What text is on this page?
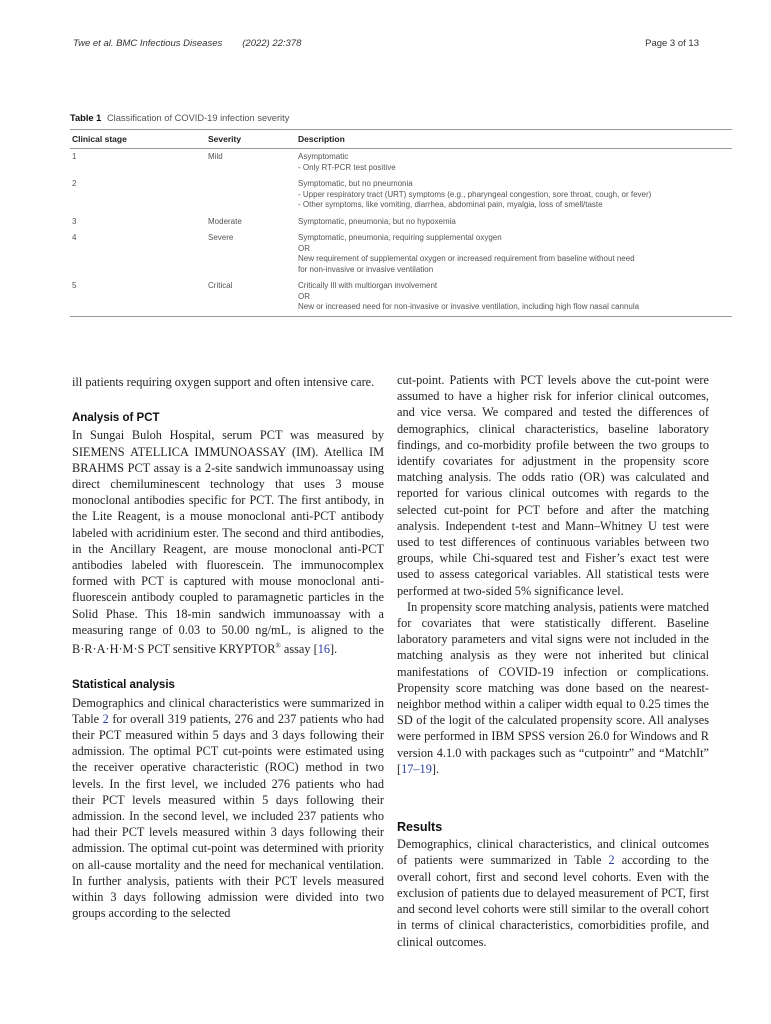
Twe et al. BMC Infectious Diseases (2022) 22:378	Page 3 of 13
Table 1 Classification of COVID-19 infection severity
Clinical stage	Severity	Description
1	Mild	Asymptomatic
- Only RT-PCR test positive

2		Symptomatic, but no pneumonia
- Upper respiratory tract (URT) symptoms (e.g., pharyngeal congestion, sore throat, cough, or fever)
- Other symptoms, like vomiting, diarrhea, abdominal pain, myalgia, loss of smell/taste

3	Moderate	Symptomatic, pneumonia, but no hypoxemia

4	Severe	Symptomatic, pneumonia, requiring supplemental oxygen
OR
New requirement of supplemental oxygen or increased requirement from baseline without need
for non-invasive or invasive ventilation

5	Critical	Critically Ill with multiorgan involvement
OR
New or increased need for non-invasive or invasive ventilation, including high flow nasal cannula

ill patients requiring oxygen support and often intensive care.

Analysis of PCT

In Sungai Buloh Hospital, serum PCT was measured by SIEMENS ATELLICA IMMUNOASSAY (IM). Atellica IM BRAHMS PCT assay is a 2-site sandwich immunoassay using direct chemiluminescent technology that uses 3 mouse monoclonal antibodies specific for PCT. The first antibody, in the Lite Reagent, is a mouse monoclonal anti-PCT antibody labeled with acridinium ester. The second and third antibodies, in the Ancillary Reagent, are mouse monoclonal anti-PCT antibodies labeled with fluorescein. The immunocomplex formed with PCT is captured with mouse monoclonal anti-fluorescein antibody coupled to paramagnetic particles in the Solid Phase. This 18-min sandwich immunoassay with a measuring range of 0.03 to 50.00 ng/mL, is aligned to the B·R·A·H·M·S PCT sensitive KRYPTOR® assay [16].

Statistical analysis

Demographics and clinical characteristics were summarized in Table 2 for overall 319 patients, 276 and 237 patients who had their PCT measured within 5 days and 3 days following their admission. The optimal PCT cut-points were estimated using the receiver operative characteristic (ROC) method in two levels. In the first level, we included 276 patients who had their PCT levels measured within 5 days following their admission. In the second level, we included 237 patients who had their PCT levels measured within 3 days following their admission. The optimal cut-point was determined with priority on all-cause mortality and the need for mechanical ventilation. In further analysis, patients with their PCT levels measured within 3 days following admission were divided into two groups according to the selected

cut-point. Patients with PCT levels above the cut-point were assumed to have a higher risk for inferior clinical outcomes, and vice versa. We compared and tested the differences of demographics, clinical characteristics, baseline laboratory findings, and co-morbidity profile between the two groups to identify covariates for adjustment in the propensity score matching analysis. The odds ratio (OR) was calculated and reported for various clinical outcomes with regards to the selected cut-point for PCT before and after the matching analysis. Independent t-test and Mann–Whitney U test were used to test differences of continuous variables between two groups, while Chi-squared test and Fisher’s exact test were used to assess categorical variables. All statistical tests were performed at two-sided 5% significance level.

In propensity score matching analysis, patients were matched for covariates that were statistically different. Baseline laboratory parameters and vital signs were not included in the matching analysis as they were not inherited but clinical manifestations of COVID-19 infection or complications. Propensity score matching was done based on the nearest-neighbor method within a caliper width equal to 0.25 times the SD of the logit of the calculated propensity score. All analyses were performed in IBM SPSS version 26.0 for Windows and R version 4.1.0 with packages such as “cutpointr” and “MatchIt” [17–19].

Results

Demographics, clinical characteristics, and clinical outcomes of patients were summarized in Table 2 according to the overall cohort, first and second level cohorts. Even with the exclusion of patients due to delayed measurement of PCT, first and second level cohorts were still similar to the overall cohort in terms of clinical characteristics, comorbidities profile, and clinical outcomes.
